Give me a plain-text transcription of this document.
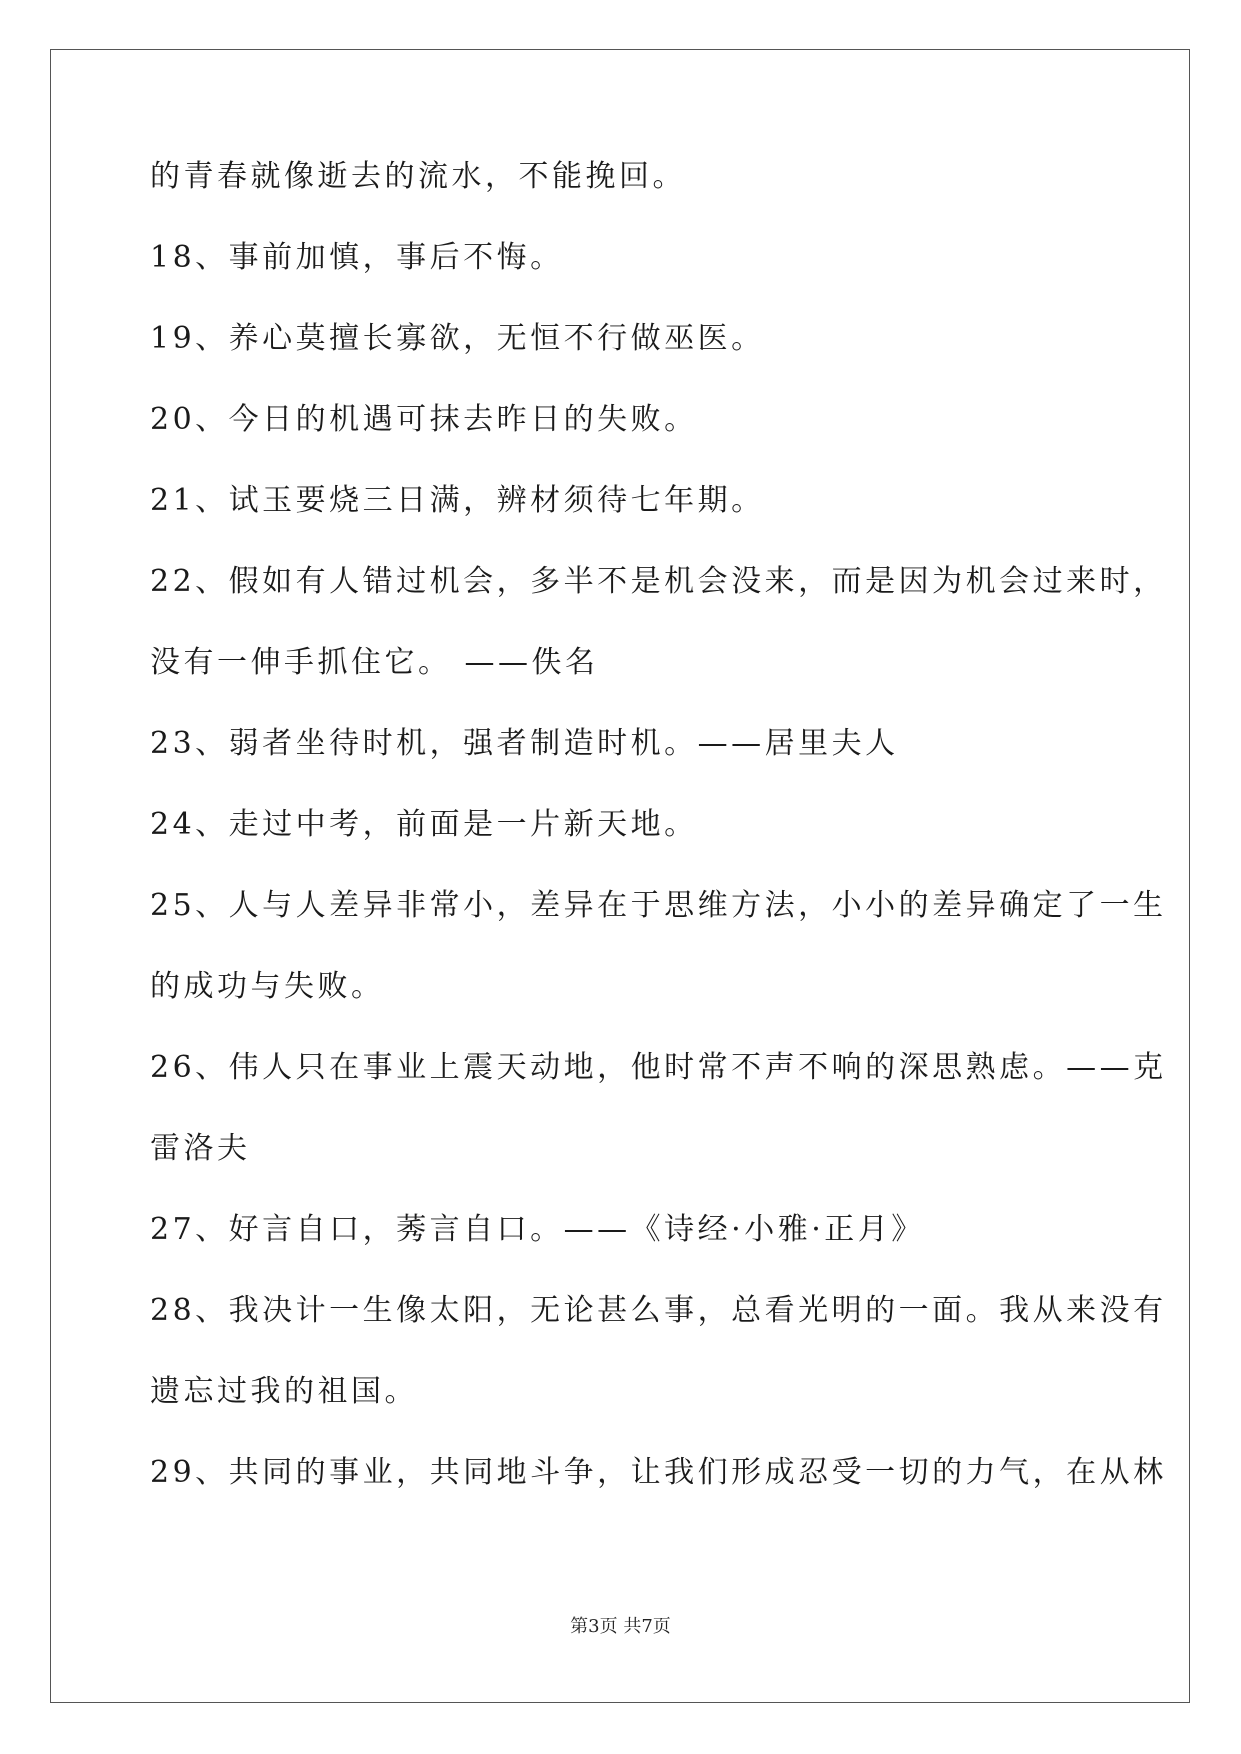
的青春就像逝去的流水，不能挽回。
18、事前加慎，事后不悔。
19、养心莫擅长寡欲，无恒不行做巫医。
20、今日的机遇可抹去昨日的失败。
21、试玉要烧三日满，辨材须待七年期。
22、假如有人错过机会，多半不是机会没来，而是因为机会过来时，
没有一伸手抓住它。 ——佚名
23、弱者坐待时机，强者制造时机。——居里夫人
24、走过中考，前面是一片新天地。
25、人与人差异非常小，差异在于思维方法，小小的差异确定了一生
的成功与失败。
26、伟人只在事业上震天动地，他时常不声不响的深思熟虑。——克
雷洛夫
27、好言自口，莠言自口。——《诗经·小雅·正月》
28、我决计一生像太阳，无论甚么事，总看光明的一面。我从来没有
遗忘过我的祖国。
29、共同的事业，共同地斗争，让我们形成忍受一切的力气，在从林
第3页 共7页
